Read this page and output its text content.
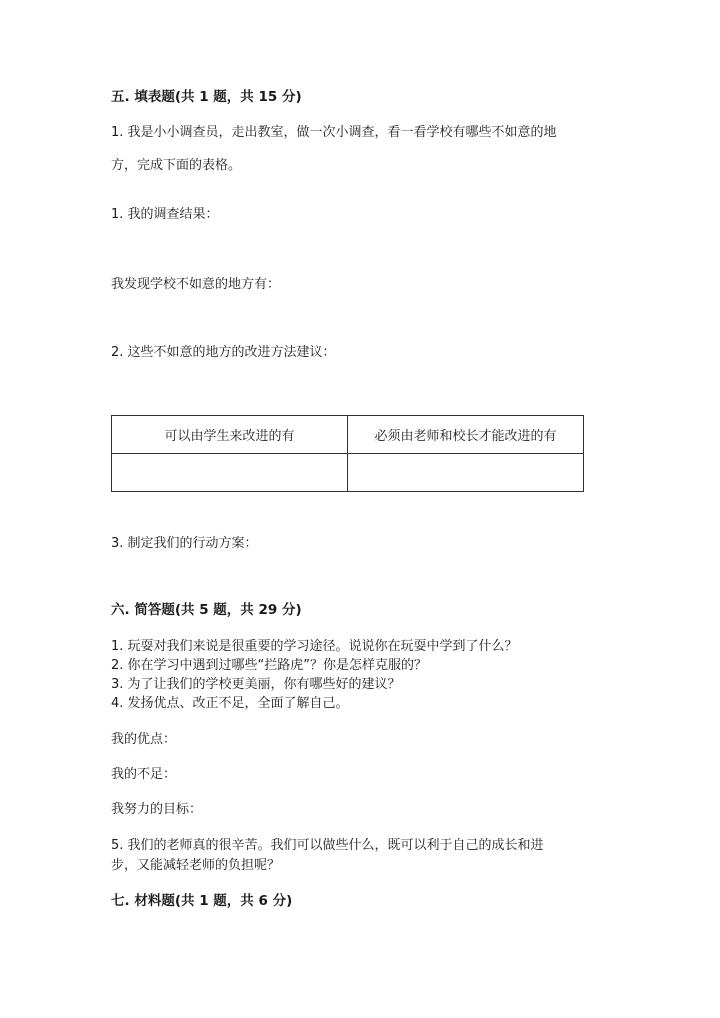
五. 填表题(共 1 题，共 15 分)
1. 我是小小调查员，走出教室，做一次小调查，看一看学校有哪些不如意的地
方，完成下面的表格。
1. 我的调查结果：
我发现学校不如意的地方有：
2. 这些不如意的地方的改进方法建议：
可以由学生来改进的有	必须由老师和校长才能改进的有
3. 制定我们的行动方案：
六. 简答题(共 5 题，共 29 分)
1. 玩耍对我们来说是很重要的学习途径。说说你在玩耍中学到了什么？
2. 你在学习中遇到过哪些“拦路虎”？你是怎样克服的？
3. 为了让我们的学校更美丽，你有哪些好的建议？
4. 发扬优点、改正不足，全面了解自己。
我的优点：
我的不足：
我努力的目标：
5. 我们的老师真的很辛苦。我们可以做些什么，既可以利于自己的成长和进
步，又能减轻老师的负担呢？
七. 材料题(共 1 题，共 6 分)
